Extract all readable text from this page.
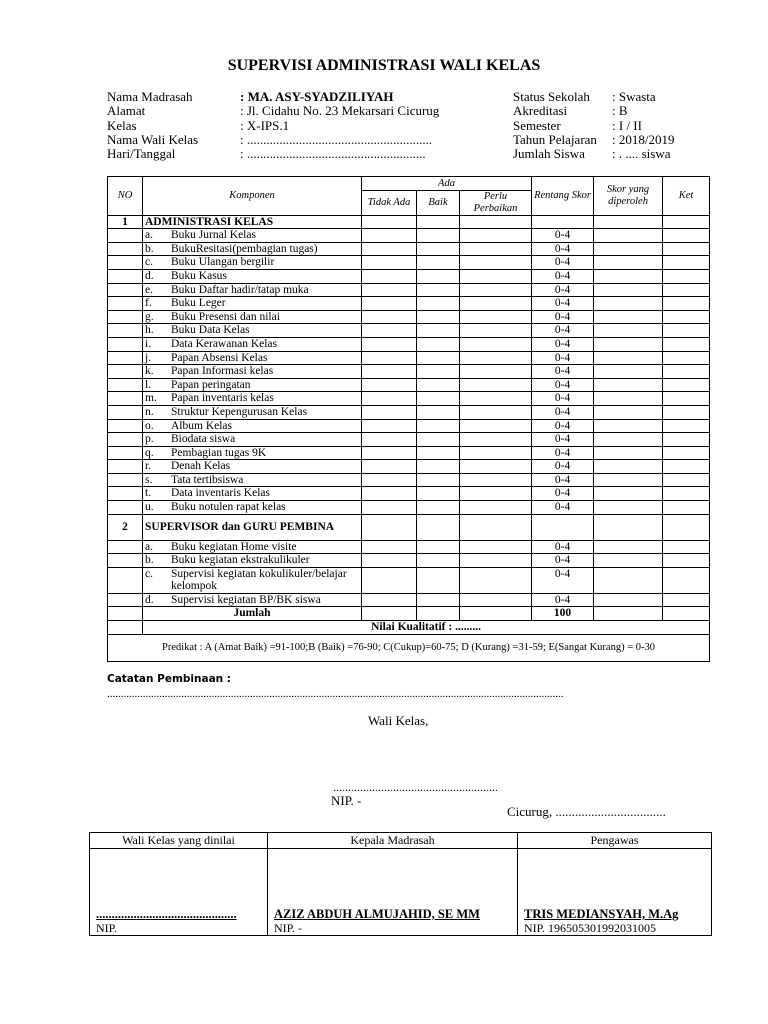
SUPERVISI ADMINISTRASI WALI KELAS
Nama Madrasah	: MA. ASY-SYADZILIYAH
Alamat	: Jl. Cidahu No. 23 Mekarsari Cicurug
Kelas	: X-IPS.1
Nama Wali Kelas	: .........................................................
Hari/Tanggal	: .......................................................
Status Sekolah	: Swasta
Akreditasi	: B
Semester	: I / II
Tahun Pelajaran	: 2018/2019
Jumlah Siswa	: . .... siswa
NO	Komponen	Ada			Rentang Skor	Skor yang diperoleh	Ket
		Tidak Ada	Baik	Perlu Perbaikan			
1	ADMINISTRASI KELAS						
	a. Buku Jurnal Kelas				0-4		
	b. BukuResitasi(pembagian tugas)				0-4		
	c. Buku Ulangan bergilir				0-4		
	d. Buku Kasus				0-4		
	e. Buku Daftar hadir/tatap muka				0-4		
	f. Buku Leger				0-4		
	g. Buku Presensi dan nilai				0-4		
	h. Buku Data Kelas				0-4		
	i. Data Kerawanan Kelas				0-4		
	j. Papan Absensi Kelas				0-4		
	k. Papan Informasi kelas				0-4		
	l. Papan peringatan				0-4		
	m. Papan inventaris kelas				0-4		
	n. Struktur Kepengurusan Kelas				0-4		
	o. Album Kelas				0-4		
	p. Biodata siswa				0-4		
	q. Pembagian tugas 9K				0-4		
	r. Denah Kelas				0-4		
	s. Tata tertibsiswa				0-4		
	t. Data inventaris Kelas				0-4		
	u. Buku notulen rapat kelas				0-4		
2	SUPERVISOR dan GURU PEMBINA						
	a. Buku kegiatan Home visite				0-4		
	b. Buku kegiatan ekstrakulikuler				0-4		
	c. Supervisi kegiatan kokulikuler/belajar kelompok				0-4		
	d. Supervisi kegiatan BP/BK siswa				0-4		
	Jumlah				100		
	Nilai Kualitatif : .........						
Predikat : A (Amat Baik) =91-100;B (Baik) =76-90; C(Cukup)=60-75; D (Kurang) =31-59; E(Sangat Kurang) = 0-30							
Catatan Pembinaan :
......................................................................................................................................................................
Wali Kelas,
.......................................................
NIP. -
Cicurug, ..................................
Wali Kelas yang dinilai	Kepala Madrasah	Pengawas
.............................................	AZIZ ABDUH ALMUJAHID, SE MM	TRIS MEDIANSYAH, M.Ag
NIP.	NIP. -	NIP. 196505301992031005
